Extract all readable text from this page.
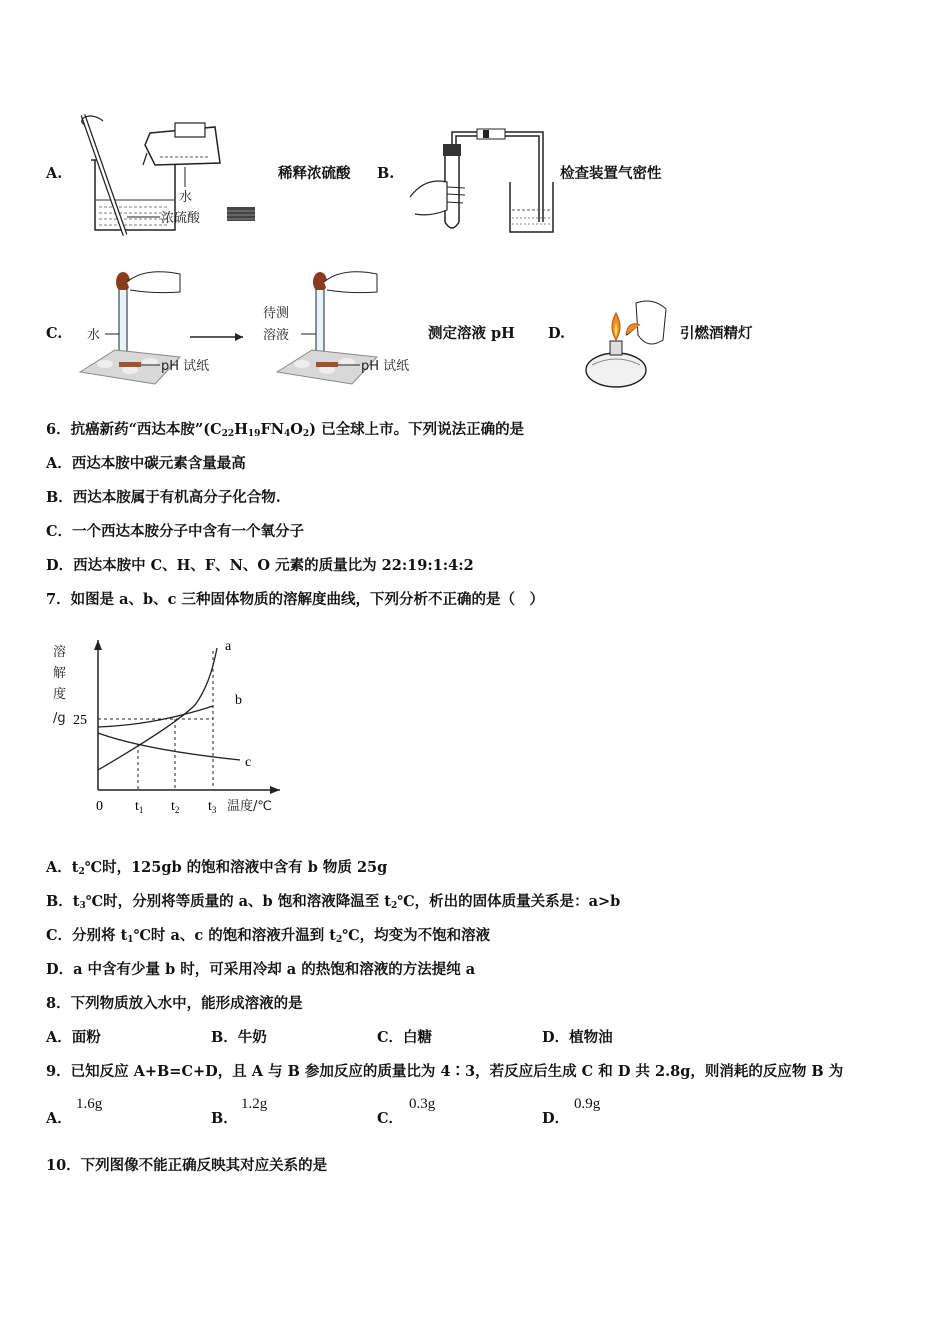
A.
水
浓硫酸
稀释浓硫酸 B.	检查装置气密性
C. 水
pH 试纸
待测
溶液
pH 试纸
测定溶液 pH D.	引燃酒精灯
6．抗癌新药“西达本胺$”(C_{22}H_{19}FN_4O_2)$ 已全球上市。下列说法正确的是
A．西达本胺中碳元素含量最高
B．西达本胺属于有机高分子化合物.
C．一个西达本胺分子中含有一个氧分子
D．西达本胺中 C、H、F、N、O 元素的质量比为 22:19:1:4:2
7．如图是 a、b、c 三种固体物质的溶解度曲线，下列分析不正确的是（　）
溶
解
度
/g 25
a
b
c
0 $t_1$ $t_2$ $t_3$ 温度/℃
A．$t_2℃$时，125gb 的饱和溶液中含有 b 物质 25g
B．$t_3℃$时，分别将等质量的 a、b 饱和溶液降温至 $t_2℃$，析出的固体质量关系是：a>b
C．分别将 $t_1℃$时 a、c 的饱和溶液升温到 $t_2℃$，均变为不饱和溶液
D．a 中含有少量 b 时，可采用冷却 a 的热饱和溶液的方法提纯 a
8．下列物质放入水中，能形成溶液的是
A．面粉	B．牛奶	C．白糖	D．植物油
9．已知反应 A+B=C+D，且 A 与 B 参加反应的质量比为 4∶3，若反应后生成 C 和 D 共 2.8g，则消耗的反应物 B 为
A．
1.6g
B．
1.2g
C．
0.3g
D．
0.9g
10．下列图像不能正确反映其对应关系的是
